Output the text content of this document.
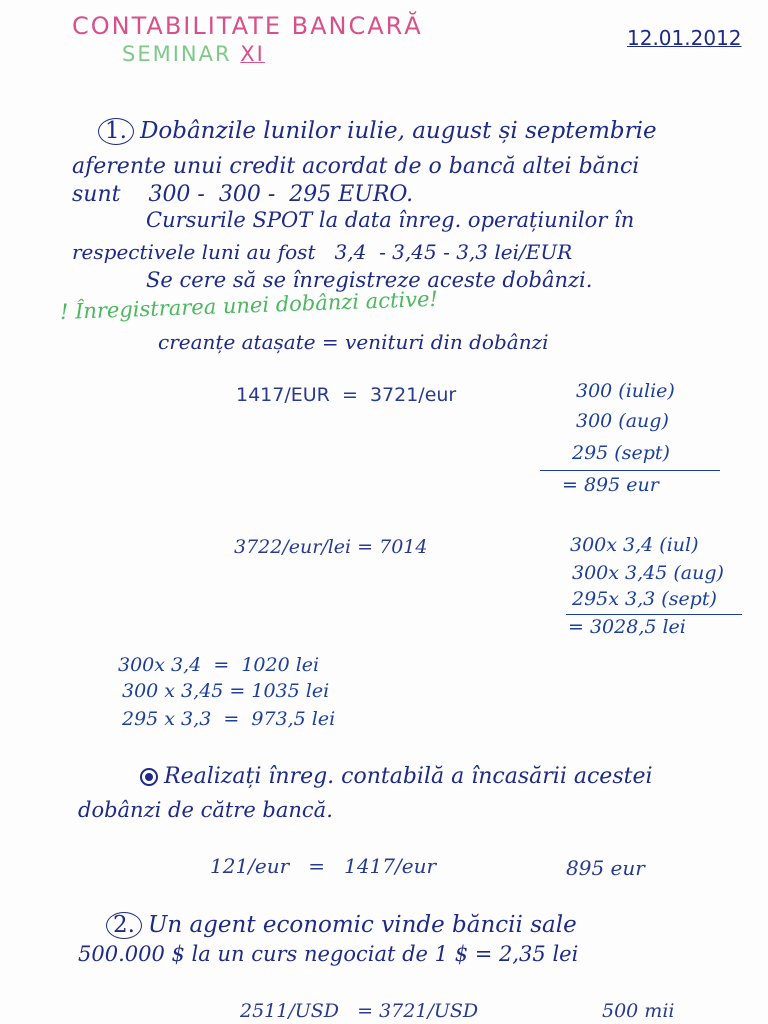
CONTABILITATE BANCARĂ
SEMINAR XI
12.01.2012
1. Dobânzile lunilor iulie, august și septembrie
aferente unui credit acordat de o bancă altei bănci
sunt    300 -  300 -  295 EURO.
Cursurile SPOT la data înreg. operațiunilor în
respectivele luni au fost   3,4  - 3,45 - 3,3 lei/EUR
Se cere să se înregistreze aceste dobânzi.
! Înregistrarea unei dobânzi active!
creanțe atașate = venituri din dobânzi
1417/EUR  =  3721/eur	300 (iulie)
300 (aug)
295 (sept)
= 895 eur
3722/eur/lei = 7014	300x 3,4 (iul)
300x 3,45 (aug)
295x 3,3 (sept)
= 3028,5 lei
300x 3,4  =  1020 lei
300 x 3,45 = 1035 lei
295 x 3,3  =  973,5 lei
Realizați înreg. contabilă a încasării acestei
dobânzi de către bancă.
121/eur   =   1417/eur	895 eur
2. Un agent economic vinde băncii sale
500.000 $ la un curs negociat de 1 $ = 2,35 lei
2511/USD   = 3721/USD	500 mii
